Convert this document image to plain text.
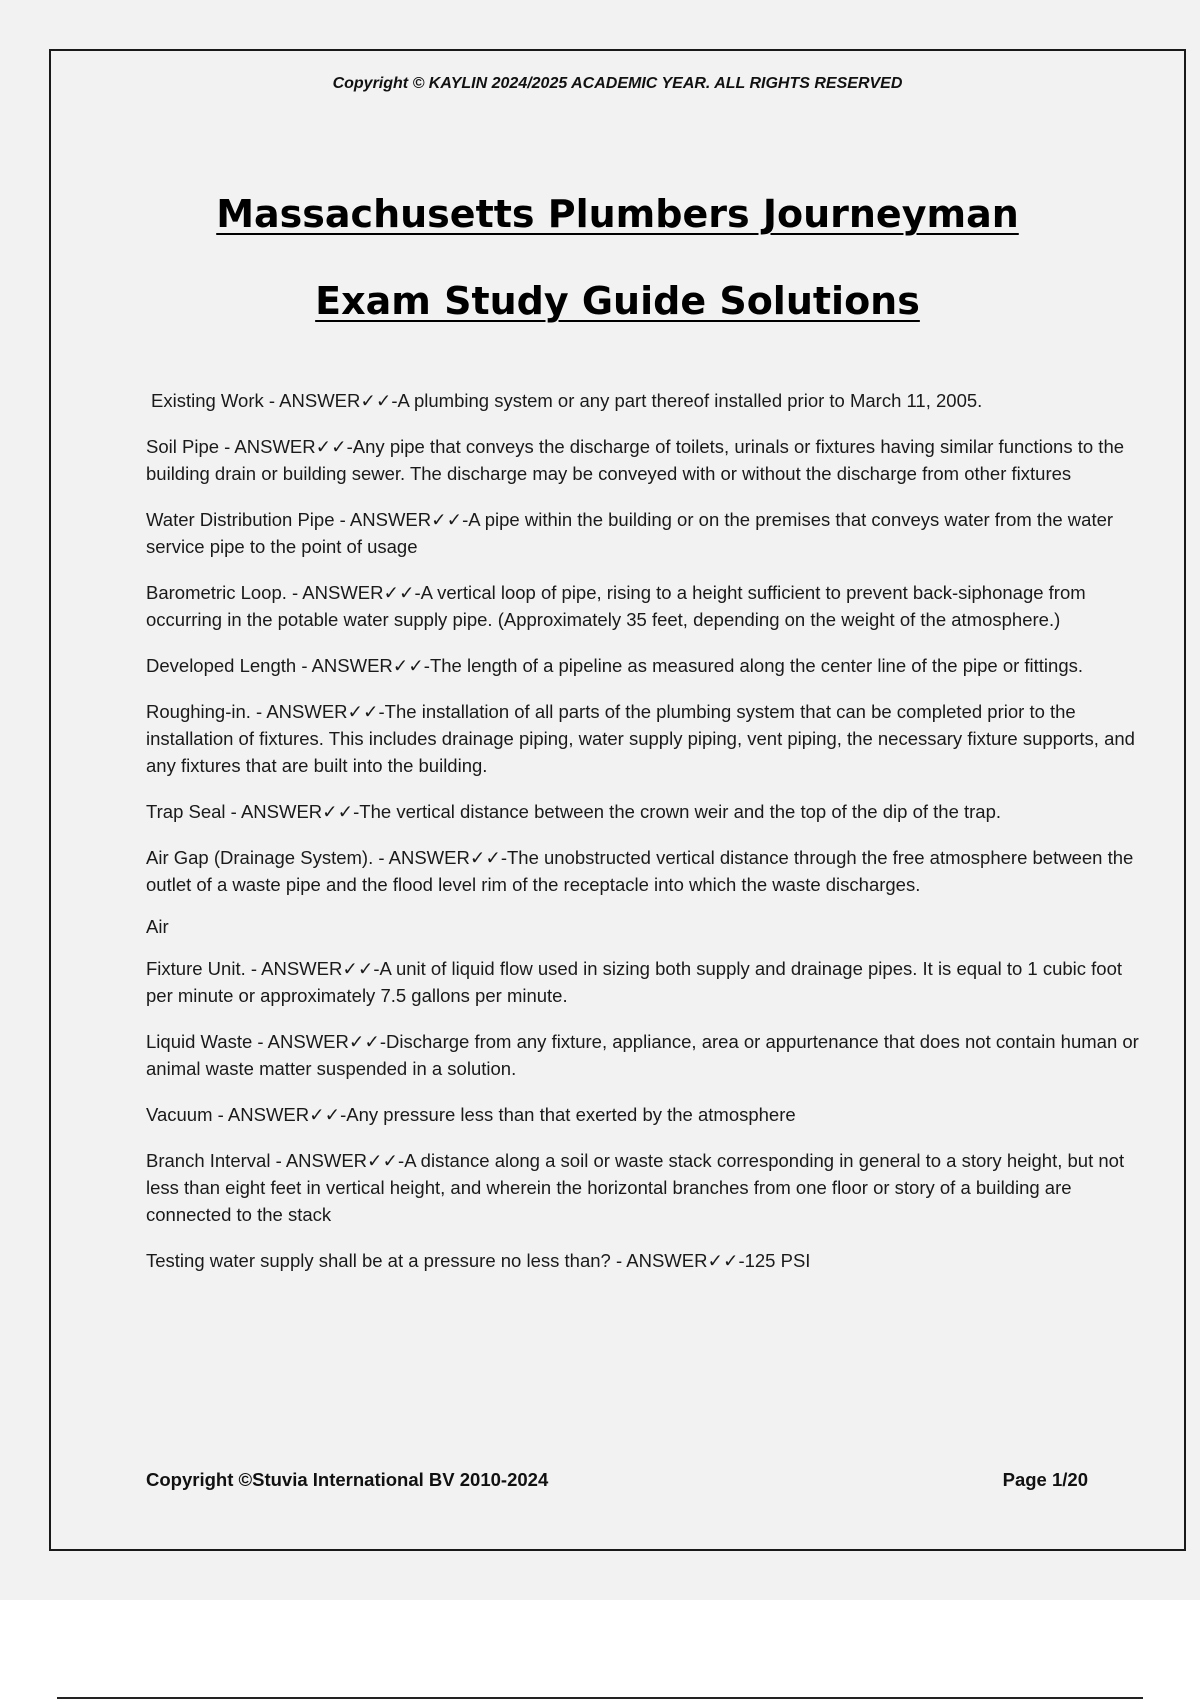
Copyright © KAYLIN 2024/2025 ACADEMIC YEAR. ALL RIGHTS RESERVED
Massachusetts Plumbers Journeyman
Exam Study Guide Solutions

Existing Work - ANSWER✓✓-A plumbing system or any part thereof installed prior to March 11, 2005.

Soil Pipe - ANSWER✓✓-Any pipe that conveys the discharge of toilets, urinals or fixtures having similar functions to the building drain or building sewer. The discharge may be conveyed with or without the discharge from other fixtures

Water Distribution Pipe - ANSWER✓✓-A pipe within the building or on the premises that conveys water from the water service pipe to the point of usage

Barometric Loop. - ANSWER✓✓-A vertical loop of pipe, rising to a height sufficient to prevent back-siphonage from occurring in the potable water supply pipe. (Approximately 35 feet, depending on the weight of the atmosphere.)

Developed Length - ANSWER✓✓-The length of a pipeline as measured along the center line of the pipe or fittings.

Roughing-in. - ANSWER✓✓-The installation of all parts of the plumbing system that can be completed prior to the installation of fixtures. This includes drainage piping, water supply piping, vent piping, the necessary fixture supports, and any fixtures that are built into the building.

Trap Seal - ANSWER✓✓-The vertical distance between the crown weir and the top of the dip of the trap.

Air Gap (Drainage System). - ANSWER✓✓-The unobstructed vertical distance through the free atmosphere between the outlet of a waste pipe and the flood level rim of the receptacle into which the waste discharges.

Air

Fixture Unit. - ANSWER✓✓-A unit of liquid flow used in sizing both supply and drainage pipes. It is equal to 1 cubic foot per minute or approximately 7.5 gallons per minute.

Liquid Waste - ANSWER✓✓-Discharge from any fixture, appliance, area or appurtenance that does not contain human or animal waste matter suspended in a solution.

Vacuum - ANSWER✓✓-Any pressure less than that exerted by the atmosphere

Branch Interval - ANSWER✓✓-A distance along a soil or waste stack corresponding in general to a story height, but not less than eight feet in vertical height, and wherein the horizontal branches from one floor or story of a building are connected to the stack

Testing water supply shall be at a pressure no less than? - ANSWER✓✓-125 PSI

Copyright ©Stuvia International BV 2010-2024	Page 1/20
